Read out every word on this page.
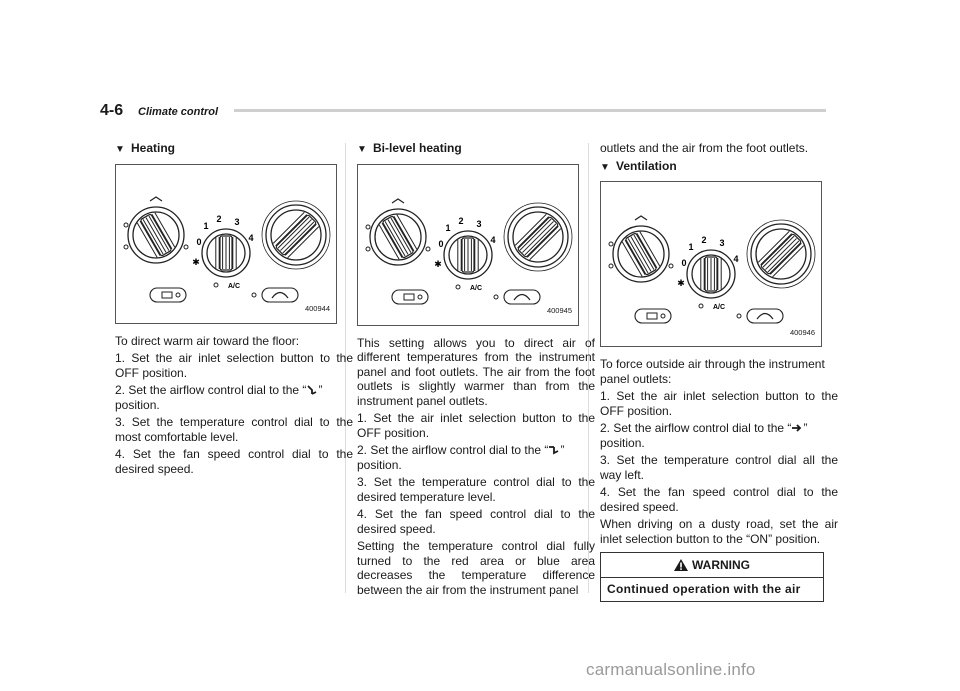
4-6 Climate control
▼ Heating
0
1
2 3
4
✱
A/C
400944

To direct warm air toward the floor:

1. Set the air inlet selection button to the OFF position.

2. Set the airflow control dial to the “ ”
position.

3. Set the temperature control dial to the most comfortable level.

4. Set the fan speed control dial to the desired speed.

▼ Bi-level heating
0
1
2 3
4
✱
A/C
400945

This setting allows you to direct air of different temperatures from the instrument panel and foot outlets. The air from the foot outlets is slightly warmer than from the instrument panel outlets.

1. Set the air inlet selection button to the OFF position.

2. Set the airflow control dial to the “ ”
position.

3. Set the temperature control dial to the desired temperature level.

4. Set the fan speed control dial to the desired speed.

Setting the temperature control dial fully turned to the red area or blue area decreases the temperature difference between the air from the instrument panel

outlets and the air from the foot outlets.

▼ Ventilation
0
1
2 3
4
✱
A/C
400946

To force outside air through the instrument panel outlets:

1. Set the air inlet selection button to the OFF position.

2. Set the airflow control dial to the “ ”
position.

3. Set the temperature control dial all the way left.

4. Set the fan speed control dial to the desired speed.

When driving on a dusty road, set the air inlet selection button to the “ON” position.

WARNING
Continued operation with the air
carmanualsonline.info
